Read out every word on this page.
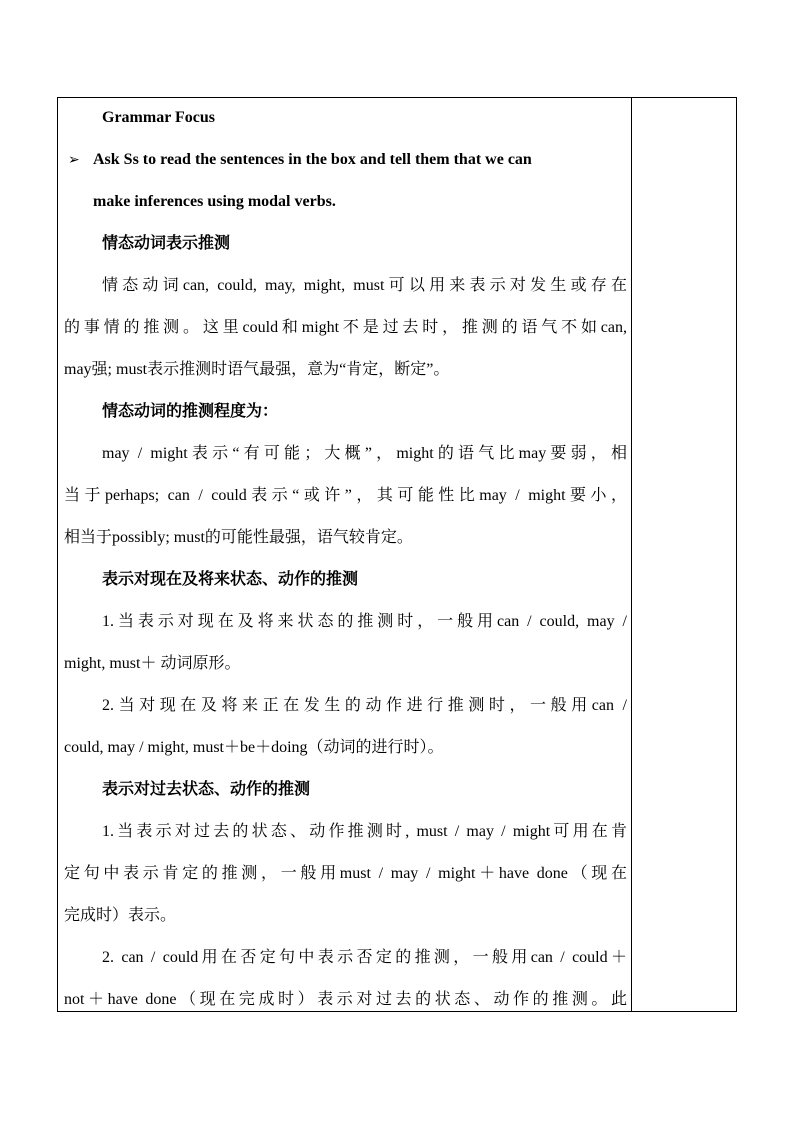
Grammar Focus
➢ Ask Ss to read the sentences in the box and tell them that we can
make inferences using modal verbs.
情态动词表示推测
情态动词can, could, may, might, must可以用来表示对发生或存在
的事情的推测。这里could和might不是过去时，推测的语气不如can,
may强; must表示推测时语气最强，意为“肯定，断定”。
情态动词的推测程度为：
may / might表示“有可能；大概”，might的语气比may要弱，相
当于perhaps; can / could表示“或许”，其可能性比may / might要小，
相当于possibly; must的可能性最强，语气较肯定。
表示对现在及将来状态、动作的推测
1.当表示对现在及将来状态的推测时，一般用can / could, may /
might, must＋ 动词原形。
2.当对现在及将来正在发生的动作进行推测时，一般用can /
could, may / might, must＋be＋doing（动词的进行时）。
表示对过去状态、动作的推测
1.当表示对过去的状态、动作推测时, must / may / might可用在肯
定句中表示肯定的推测，一般用must / may / might＋have done（现在
完成时）表示。
2. can / could用在否定句中表示否定的推测，一般用can / could＋
not＋have done（现在完成时）表示对过去的状态、动作的推测。此
